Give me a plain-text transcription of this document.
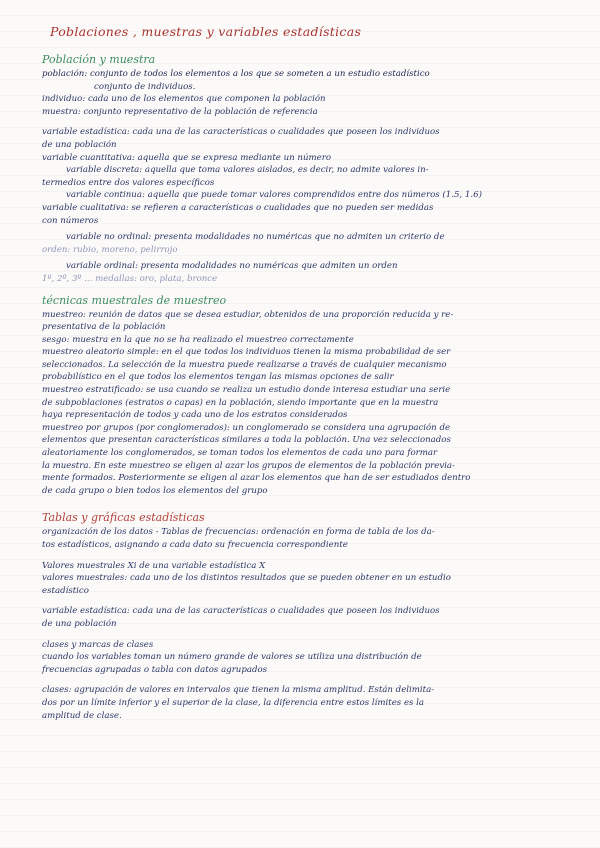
Poblaciones , muestras y variables estadísticas
Población y muestra
población: conjunto de todos los elementos a los que se someten a un estudio estadístico
conjunto de individuos.
individuo: cada uno de los elementos que componen la población
muestra: conjunto representativo de la población de referencia
variable estadística: cada una de las características o cualidades que poseen los individuos
de una población
variable cuantitativa: aquella que se expresa mediante un número
variable discreta: aquella que toma valores aislados, es decir, no admite valores in-
termedios entre dos valores específicos
variable continua: aquella que puede tomar valores comprendidos entre dos números (1.5, 1.6)
variable cualitativa: se refieren a características o cualidades que no pueden ser medidas
con números
variable no ordinal: presenta modalidades no numéricas que no admiten un criterio de
orden: rubio, moreno, pelirrojo
variable ordinal: presenta modalidades no numéricas que admiten un orden
1º, 2º, 3º ... medallas: oro, plata, bronce
técnicas muestrales de muestreo
muestreo: reunión de datos que se desea estudiar, obtenidos de una proporción reducida y re-
presentativa de la población
sesgo: muestra en la que no se ha realizado el muestreo correctamente
muestreo aleatorio simple: en el que todos los individuos tienen la misma probabilidad de ser
seleccionados. La selección de la muestra puede realizarse a través de cualquier mecanismo
probabilístico en el que todos los elementos tengan las mismas opciones de salir
muestreo estratificado: se usa cuando se realiza un estudio donde interesa estudiar una serie
de subpoblaciones (estratos o capas) en la población, siendo importante que en la muestra
haya representación de todos y cada uno de los estratos considerados
muestreo por grupos (por conglomerados): un conglomerado se considera una agrupación de
elementos que presentan características similares a toda la población. Una vez seleccionados
aleatoriamente los conglomerados, se toman todos los elementos de cada uno para formar
la muestra. En este muestreo se eligen al azar los grupos de elementos de la población previa-
mente formados. Posteriormente se eligen al azar los elementos que han de ser estudiados dentro
de cada grupo o bien todos los elementos del grupo
Tablas y gráficas estadísticas
organización de los datos - Tablas de frecuencias: ordenación en forma de tabla de los da-
tos estadísticos, asignando a cada dato su frecuencia correspondiente
Valores muestrales Xi de una variable estadística X
valores muestrales: cada uno de los distintos resultados que se pueden obtener en un estudio
estadístico
variable estadística: cada una de las características o cualidades que poseen los individuos
de una población
clases y marcas de clases
cuando los variables toman un número grande de valores se utiliza una distribución de
frecuencias agrupadas o tabla con datos agrupados
clases: agrupación de valores en intervalos que tienen la misma amplitud. Están delimita-
dos por un límite inferior y el superior de la clase, la diferencia entre estos límites es la
amplitud de clase.
